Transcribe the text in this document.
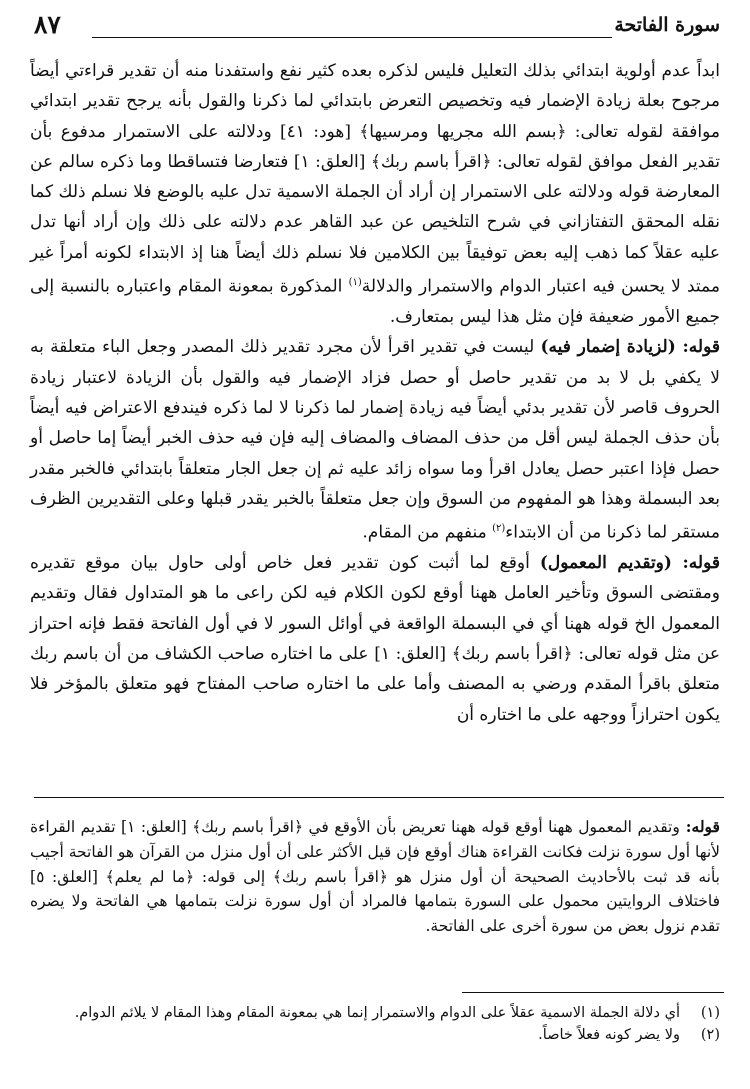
سورة الفاتحة
٨٧

ابداً عدم أولوية ابتدائي بذلك التعليل فليس لذكره بعده كثير نفع واستفدنا منه أن تقدير قراءتي أيضاً مرجوح بعلة زيادة الإضمار فيه وتخصيص التعرض بابتدائي لما ذكرنا والقول بأنه يرجح تقدير ابتدائي موافقة لقوله تعالى: ﴿بسم الله مجريها ومرسيها﴾ [هود: ٤١] ودلالته على الاستمرار مدفوع بأن تقدير الفعل موافق لقوله تعالى: ﴿اقرأ باسم ربك﴾ [العلق: ١] فتعارضا فتساقطا وما ذكره سالم عن المعارضة قوله ودلالته على الاستمرار إن أراد أن الجملة الاسمية تدل عليه بالوضع فلا نسلم ذلك كما نقله المحقق التفتازاني في شرح التلخيص عن عبد القاهر عدم دلالته على ذلك وإن أراد أنها تدل عليه عقلاً كما ذهب إليه بعض توفيقاً بين الكلامين فلا نسلم ذلك أيضاً هنا إذ الابتداء لكونه أمراً غير ممتد لا يحسن فيه اعتبار الدوام والاستمرار والدلالة$^{(١)}$ المذكورة بمعونة المقام واعتباره بالنسبة إلى جميع الأمور ضعيفة فإن مثل هذا ليس بمتعارف.

قوله: (لزيادة إضمار فيه) ليست في تقدير اقرأ لأن مجرد تقدير ذلك المصدر وجعل الباء متعلقة به لا يكفي بل لا بد من تقدير حاصل أو حصل فزاد الإضمار فيه والقول بأن الزيادة لاعتبار زيادة الحروف قاصر لأن تقدير بدئي أيضاً فيه زيادة إضمار لما ذكرنا لا لما ذكره فيندفع الاعتراض فيه أيضاً بأن حذف الجملة ليس أقل من حذف المضاف والمضاف إليه فإن فيه حذف الخبر أيضاً إما حاصل أو حصل فإذا اعتبر حصل يعادل اقرأ وما سواه زائد عليه ثم إن جعل الجار متعلقاً بابتدائي فالخبر مقدر بعد البسملة وهذا هو المفهوم من السوق وإن جعل متعلقاً بالخبر يقدر قبلها وعلى التقديرين الظرف مستقر لما ذكرنا من أن الابتداء$^{(٢)}$ منفهم من المقام.

قوله: (وتقديم المعمول) أوقع لما أثبت كون تقدير فعل خاص أولى حاول بيان موقع تقديره ومقتضى السوق وتأخير العامل ههنا أوقع لكون الكلام فيه لكن راعى ما هو المتداول فقال وتقديم المعمول الخ قوله ههنا أي في البسملة الواقعة في أوائل السور لا في أول الفاتحة فقط فإنه احتراز عن مثل قوله تعالى: ﴿اقرأ باسم ربك﴾ [العلق: ١] على ما اختاره صاحب الكشاف من أن باسم ربك متعلق باقرأ المقدم ورضي به المصنف وأما على ما اختاره صاحب المفتاح فهو متعلق بالمؤخر فلا يكون احترازاً ووجهه على ما اختاره أن

قوله: وتقديم المعمول ههنا أوقع قوله ههنا تعريض بأن الأوقع في ﴿اقرأ باسم ربك﴾ [العلق: ١] تقديم القراءة لأنها أول سورة نزلت فكانت القراءة هناك أوقع فإن قيل الأكثر على أن أول منزل من القرآن هو الفاتحة أجيب بأنه قد ثبت بالأحاديث الصحيحة أن أول منزل هو ﴿اقرأ باسم ربك﴾ إلى قوله: ﴿ما لم يعلم﴾ [العلق: ٥] فاختلاف الروايتين محمول على السورة بتمامها فالمراد أن أول سورة نزلت بتمامها هي الفاتحة ولا يضره تقدم نزول بعض من سورة أخرى على الفاتحة.

(١)
أي دلالة الجملة الاسمية عقلاً على الدوام والاستمرار إنما هي بمعونة المقام وهذا المقام لا يلائم الدوام.
(٢)
ولا يضر كونه فعلاً خاصاً.
